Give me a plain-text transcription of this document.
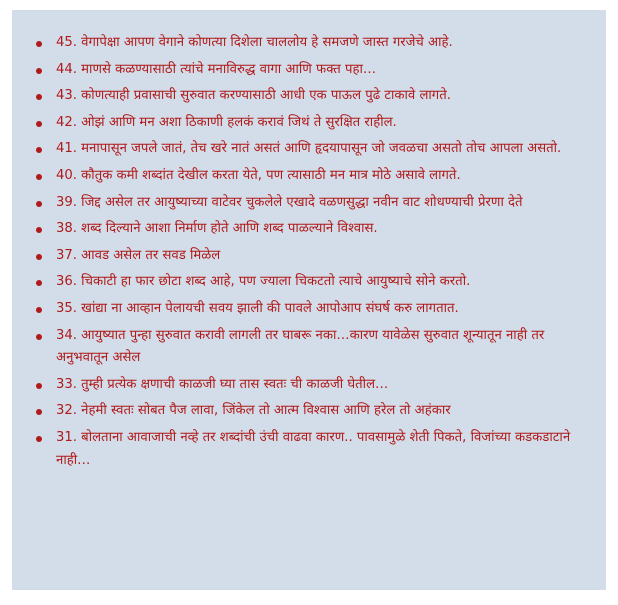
45. वेगापेक्षा आपण वेगाने कोणत्या दिशेला चाललोय हे समजणे जास्त गरजेचे आहे.
44. माणसे कळण्यासाठी त्यांचे मनाविरुद्ध वागा आणि फक्त पहा…
43. कोणत्याही प्रवासाची सुरुवात करण्यासाठी आधी एक पाऊल पुढे टाकावे लागते.
42. ओझं आणि मन अशा ठिकाणी हलकं करावं जिथं ते सुरक्षित राहील.
41. मनापासून जपले जातं, तेच खरे नातं असतं आणि हृदयापासून जो जवळचा असतो तोच आपला असतो.
40. कौतुक कमी शब्दांत देखील करता येते, पण त्यासाठी मन मात्र मोठे असावे लागते.
39. जिद्द असेल तर आयुष्याच्या वाटेवर चुकलेले एखादे वळणसुद्धा नवीन वाट शोधण्याची प्रेरणा देते
38. शब्द दिल्याने आशा निर्माण होते आणि शब्द पाळल्याने विश्वास.
37. आवड असेल तर सवड मिळेल
36. चिकाटी हा फार छोटा शब्द आहे, पण ज्याला चिकटतो त्याचे आयुष्याचे सोने करतो.
35. खांद्या ना आव्हान पेलायची सवय झाली की पावले आपोआप संघर्ष करु लागतात.
34. आयुष्यात पुन्हा सुरुवात करावी लागली तर घाबरू नका…कारण यावेळेस सुरुवात शून्यातून नाही तर अनुभवातून असेल
33. तुम्ही प्रत्येक क्षणाची काळजी घ्या तास स्वतः ची काळजी घेतील…
32. नेहमी स्वतः सोबत पैज लावा, जिंकेल तो आत्म विश्वास आणि हरेल तो अहंकार
31. बोलताना आवाजाची नव्हे तर शब्दांची उंची वाढवा कारण.. पावसामुळे शेती पिकते, विजांच्या कडकडाटाने नाही…
